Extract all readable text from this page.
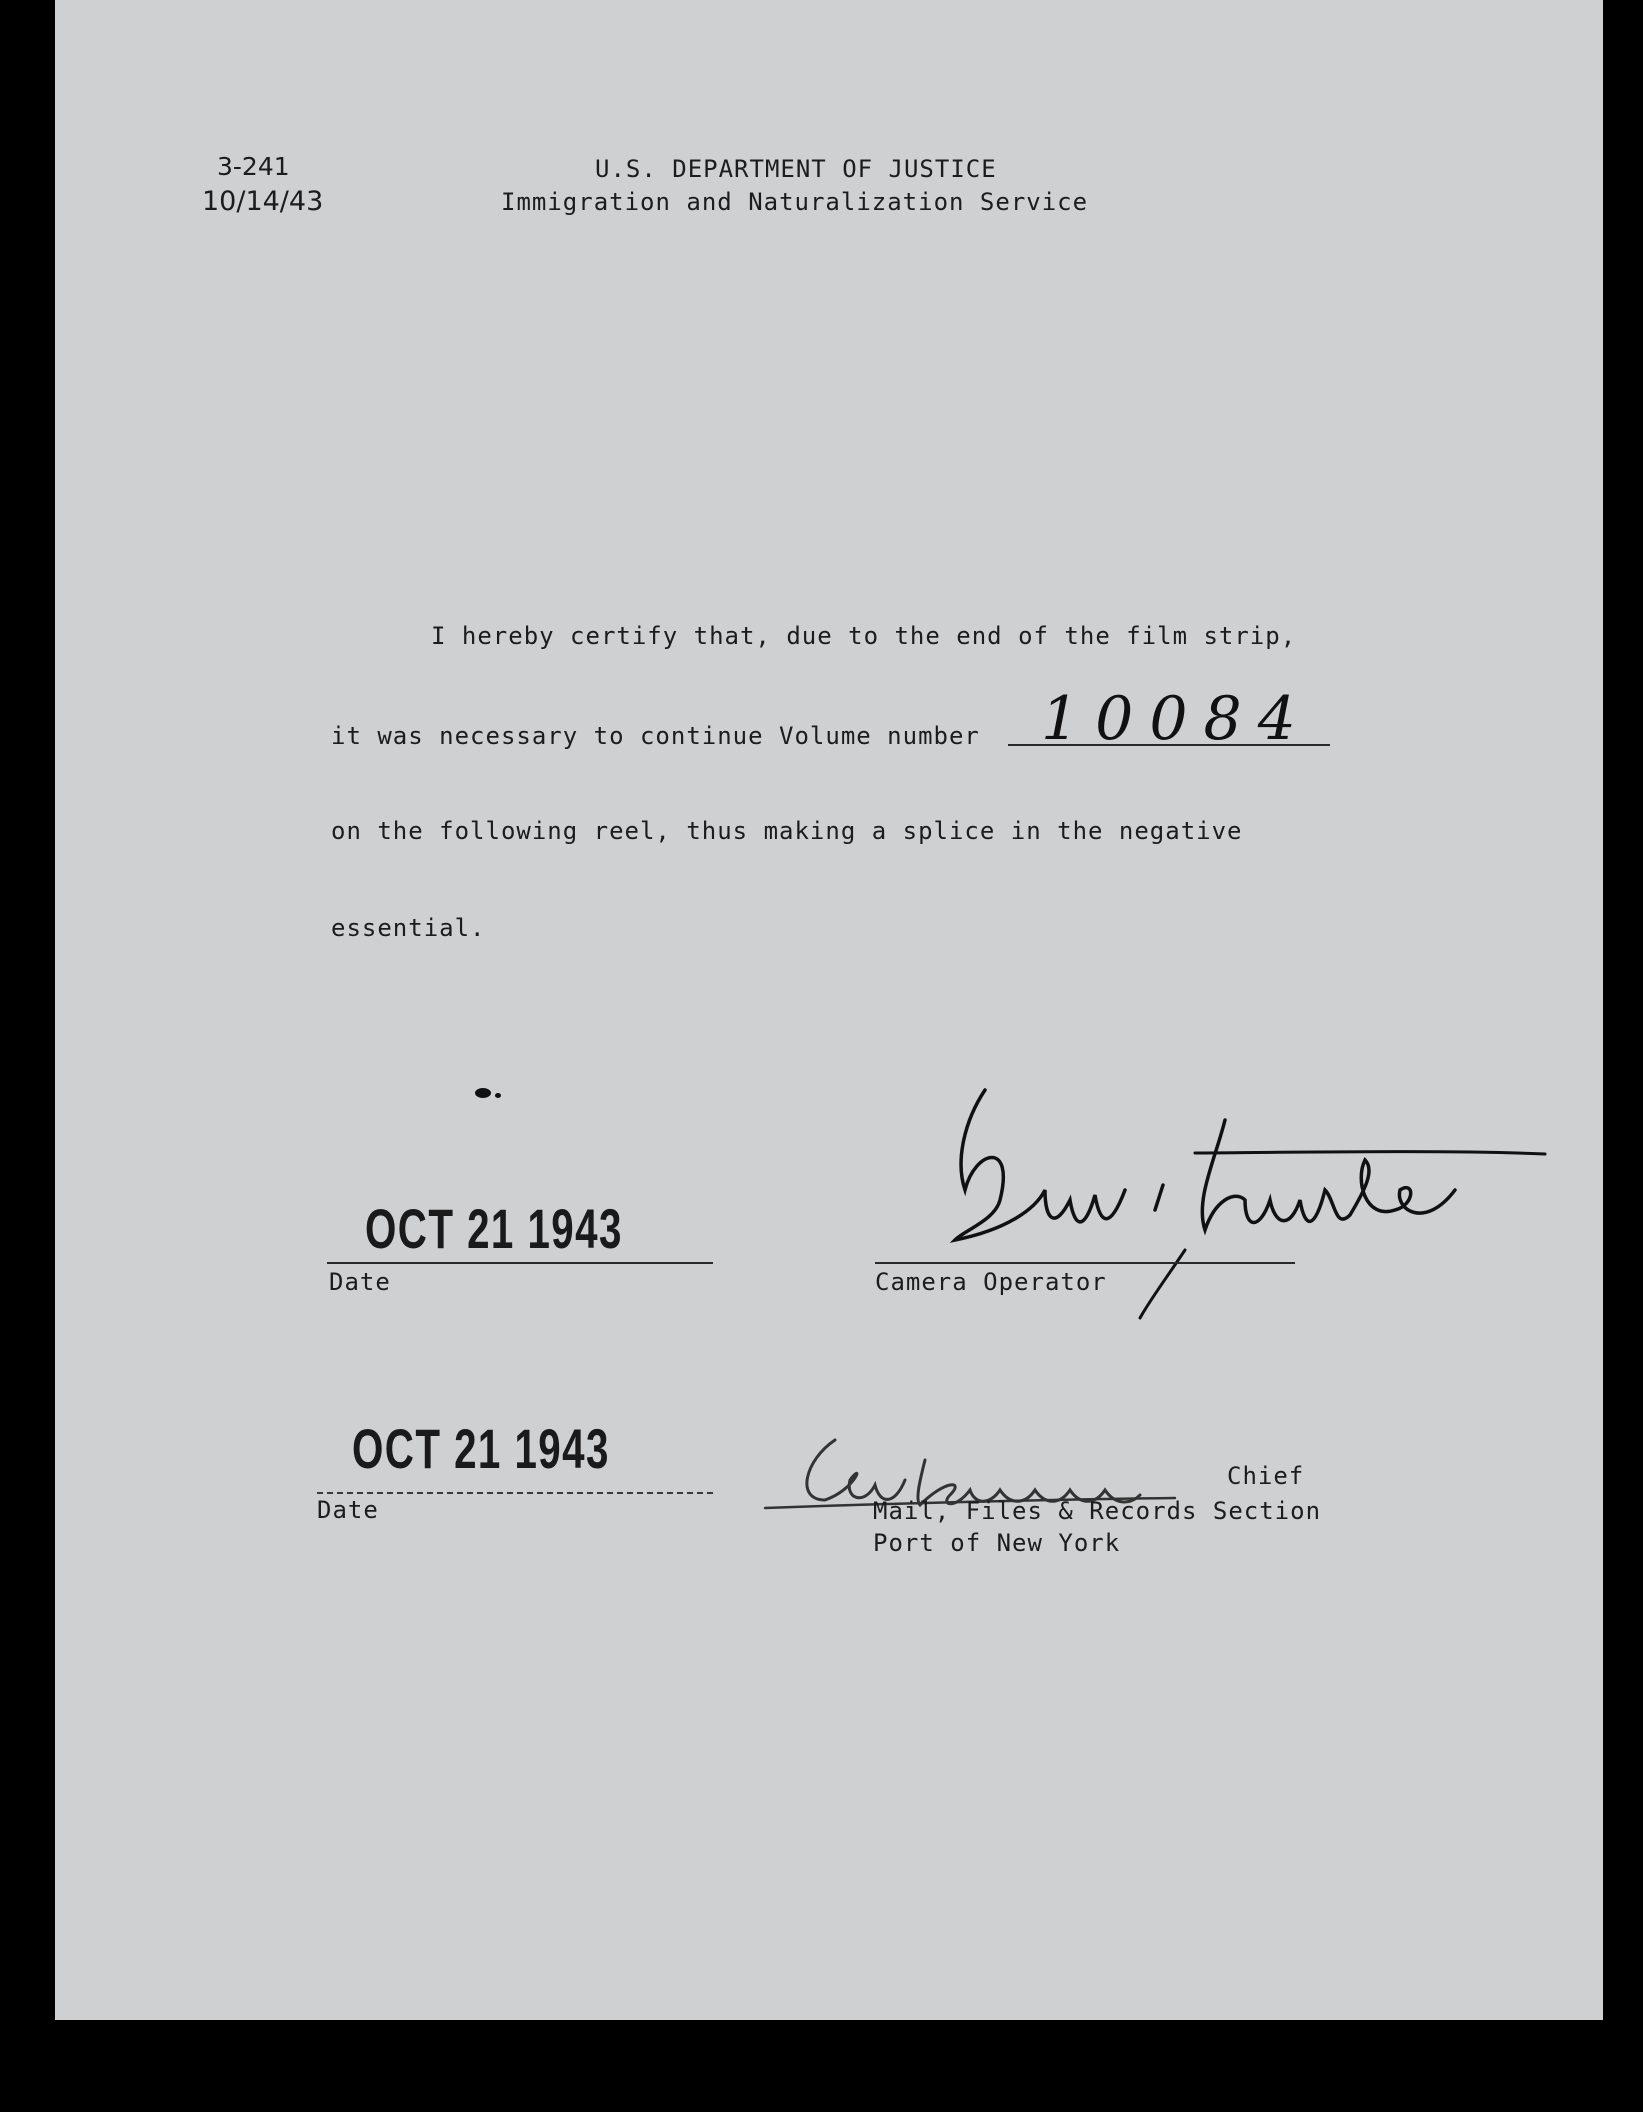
3-241
10/14/43
U.S. DEPARTMENT OF JUSTICE
Immigration and Naturalization Service
I hereby certify that, due to the end of the film strip,
it was necessary to continue Volume number 10084
on the following reel, thus making a splice in the negative
essential.
OCT 21 1943
Date	Camera Operator
OCT 21 1943
Date
Chief
Mail, Files & Records Section
Port of New York
